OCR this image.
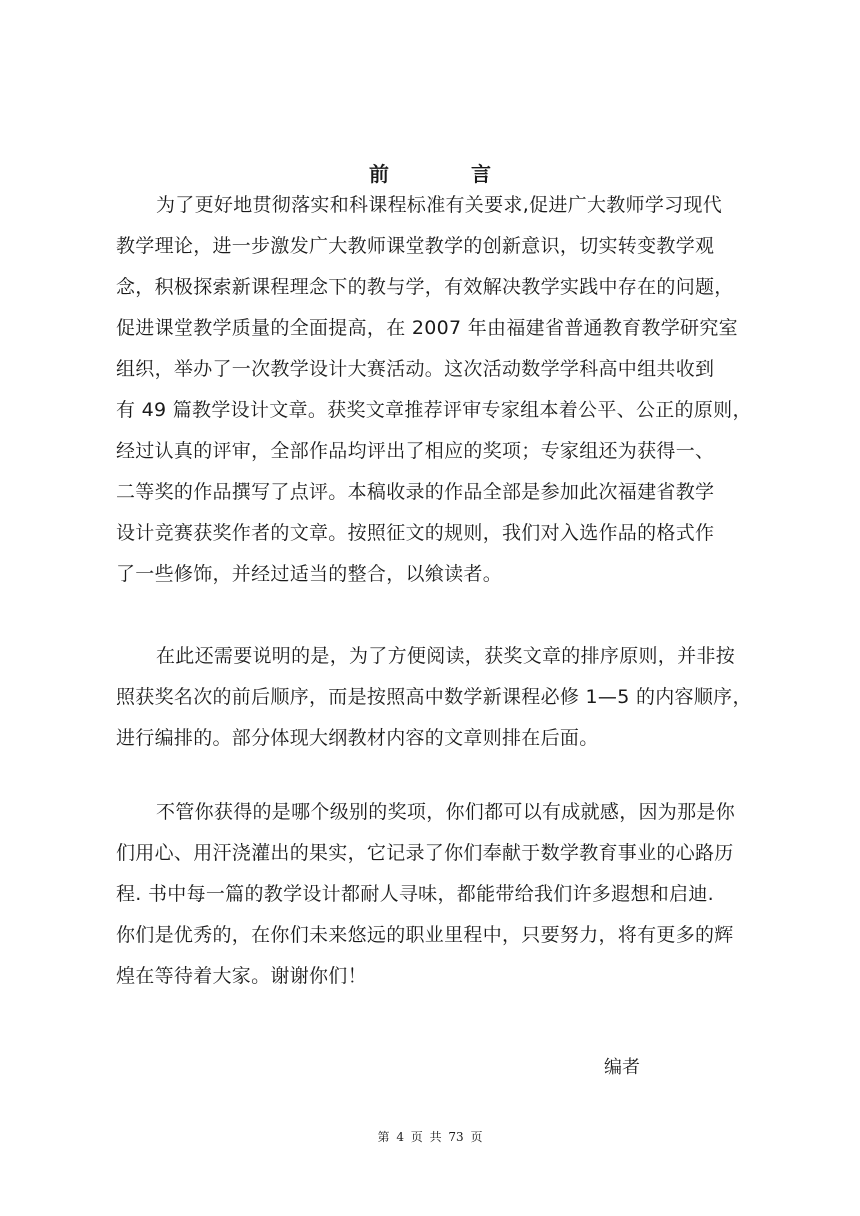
前言
为了更好地贯彻落实和科课程标准有关要求,促进广大教师学习现代
教学理论，进一步激发广大教师课堂教学的创新意识，切实转变教学观
念，积极探索新课程理念下的教与学，有效解决教学实践中存在的问题，
促进课堂教学质量的全面提高，在 2007 年由福建省普通教育教学研究室
组织，举办了一次教学设计大赛活动。这次活动数学学科高中组共收到
有 49 篇教学设计文章。获奖文章推荐评审专家组本着公平、公正的原则，
经过认真的评审，全部作品均评出了相应的奖项；专家组还为获得一、
二等奖的作品撰写了点评。本稿收录的作品全部是参加此次福建省教学
设计竞赛获奖作者的文章。按照征文的规则，我们对入选作品的格式作
了一些修饰，并经过适当的整合，以飨读者。
在此还需要说明的是，为了方便阅读，获奖文章的排序原则，并非按
照获奖名次的前后顺序，而是按照高中数学新课程必修 1—5 的内容顺序，
进行编排的。部分体现大纲教材内容的文章则排在后面。
不管你获得的是哪个级别的奖项，你们都可以有成就感，因为那是你
们用心、用汗浇灌出的果实，它记录了你们奉献于数学教育事业的心路历
程. 书中每一篇的教学设计都耐人寻味，都能带给我们许多遐想和启迪.
你们是优秀的，在你们未来悠远的职业里程中，只要努力，将有更多的辉
煌在等待着大家。谢谢你们！
编者
第 4 页 共 73 页
